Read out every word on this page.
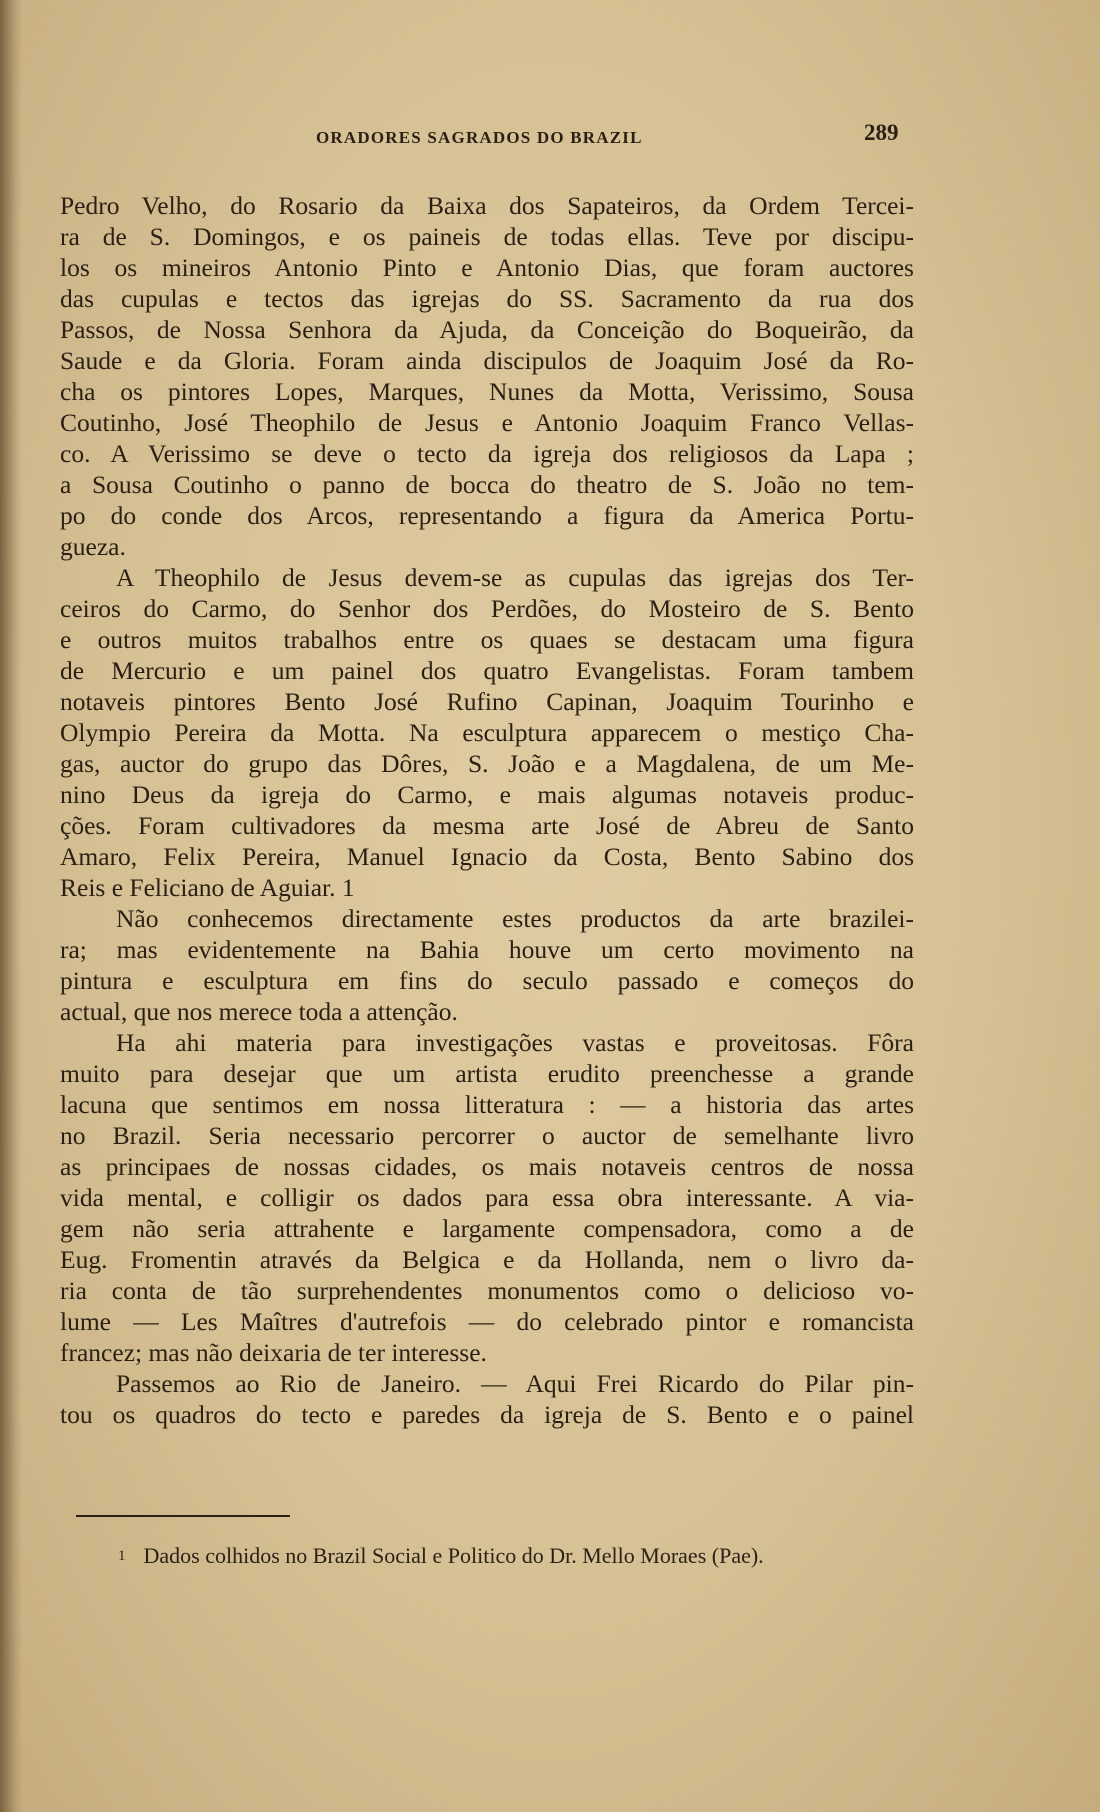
ORADORES SAGRADOS DO BRAZIL	289
Pedro Velho, do Rosario da Baixa dos Sapateiros, da Ordem Tercei-
ra de S. Domingos, e os paineis de todas ellas. Teve por discipu-
los os mineiros Antonio Pinto e Antonio Dias, que foram auctores
das cupulas e tectos das igrejas do SS. Sacramento da rua dos
Passos, de Nossa Senhora da Ajuda, da Conceição do Boqueirão, da
Saude e da Gloria. Foram ainda discipulos de Joaquim José da Ro-
cha os pintores Lopes, Marques, Nunes da Motta, Verissimo, Sousa
Coutinho, José Theophilo de Jesus e Antonio Joaquim Franco Vellas-
co. A Verissimo se deve o tecto da igreja dos religiosos da Lapa ;
a Sousa Coutinho o panno de bocca do theatro de S. João no tem-
po do conde dos Arcos, representando a figura da America Portu-
gueza.
A Theophilo de Jesus devem-se as cupulas das igrejas dos Ter-
ceiros do Carmo, do Senhor dos Perdões, do Mosteiro de S. Bento
e outros muitos trabalhos entre os quaes se destacam uma figura
de Mercurio e um painel dos quatro Evangelistas. Foram tambem
notaveis pintores Bento José Rufino Capinan, Joaquim Tourinho e
Olympio Pereira da Motta. Na esculptura apparecem o mestiço Cha-
gas, auctor do grupo das Dôres, S. João e a Magdalena, de um Me-
nino Deus da igreja do Carmo, e mais algumas notaveis produc-
ções. Foram cultivadores da mesma arte José de Abreu de Santo
Amaro, Felix Pereira, Manuel Ignacio da Costa, Bento Sabino dos
Reis e Feliciano de Aguiar. 1
Não conhecemos directamente estes productos da arte brazilei-
ra; mas evidentemente na Bahia houve um certo movimento na
pintura e esculptura em fins do seculo passado e começos do
actual, que nos merece toda a attenção.
Ha ahi materia para investigações vastas e proveitosas. Fôra
muito para desejar que um artista erudito preenchesse a grande
lacuna que sentimos em nossa litteratura : — a historia das artes
no Brazil. Seria necessario percorrer o auctor de semelhante livro
as principaes de nossas cidades, os mais notaveis centros de nossa
vida mental, e colligir os dados para essa obra interessante. A via-
gem não seria attrahente e largamente compensadora, como a de
Eug. Fromentin através da Belgica e da Hollanda, nem o livro da-
ria conta de tão surprehendentes monumentos como o delicioso vo-
lume — Les Maîtres d'autrefois — do celebrado pintor e romancista
francez; mas não deixaria de ter interesse.
Passemos ao Rio de Janeiro. — Aqui Frei Ricardo do Pilar pin-
tou os quadros do tecto e paredes da igreja de S. Bento e o painel
1 Dados colhidos no Brazil Social e Politico do Dr. Mello Moraes (Pae).
